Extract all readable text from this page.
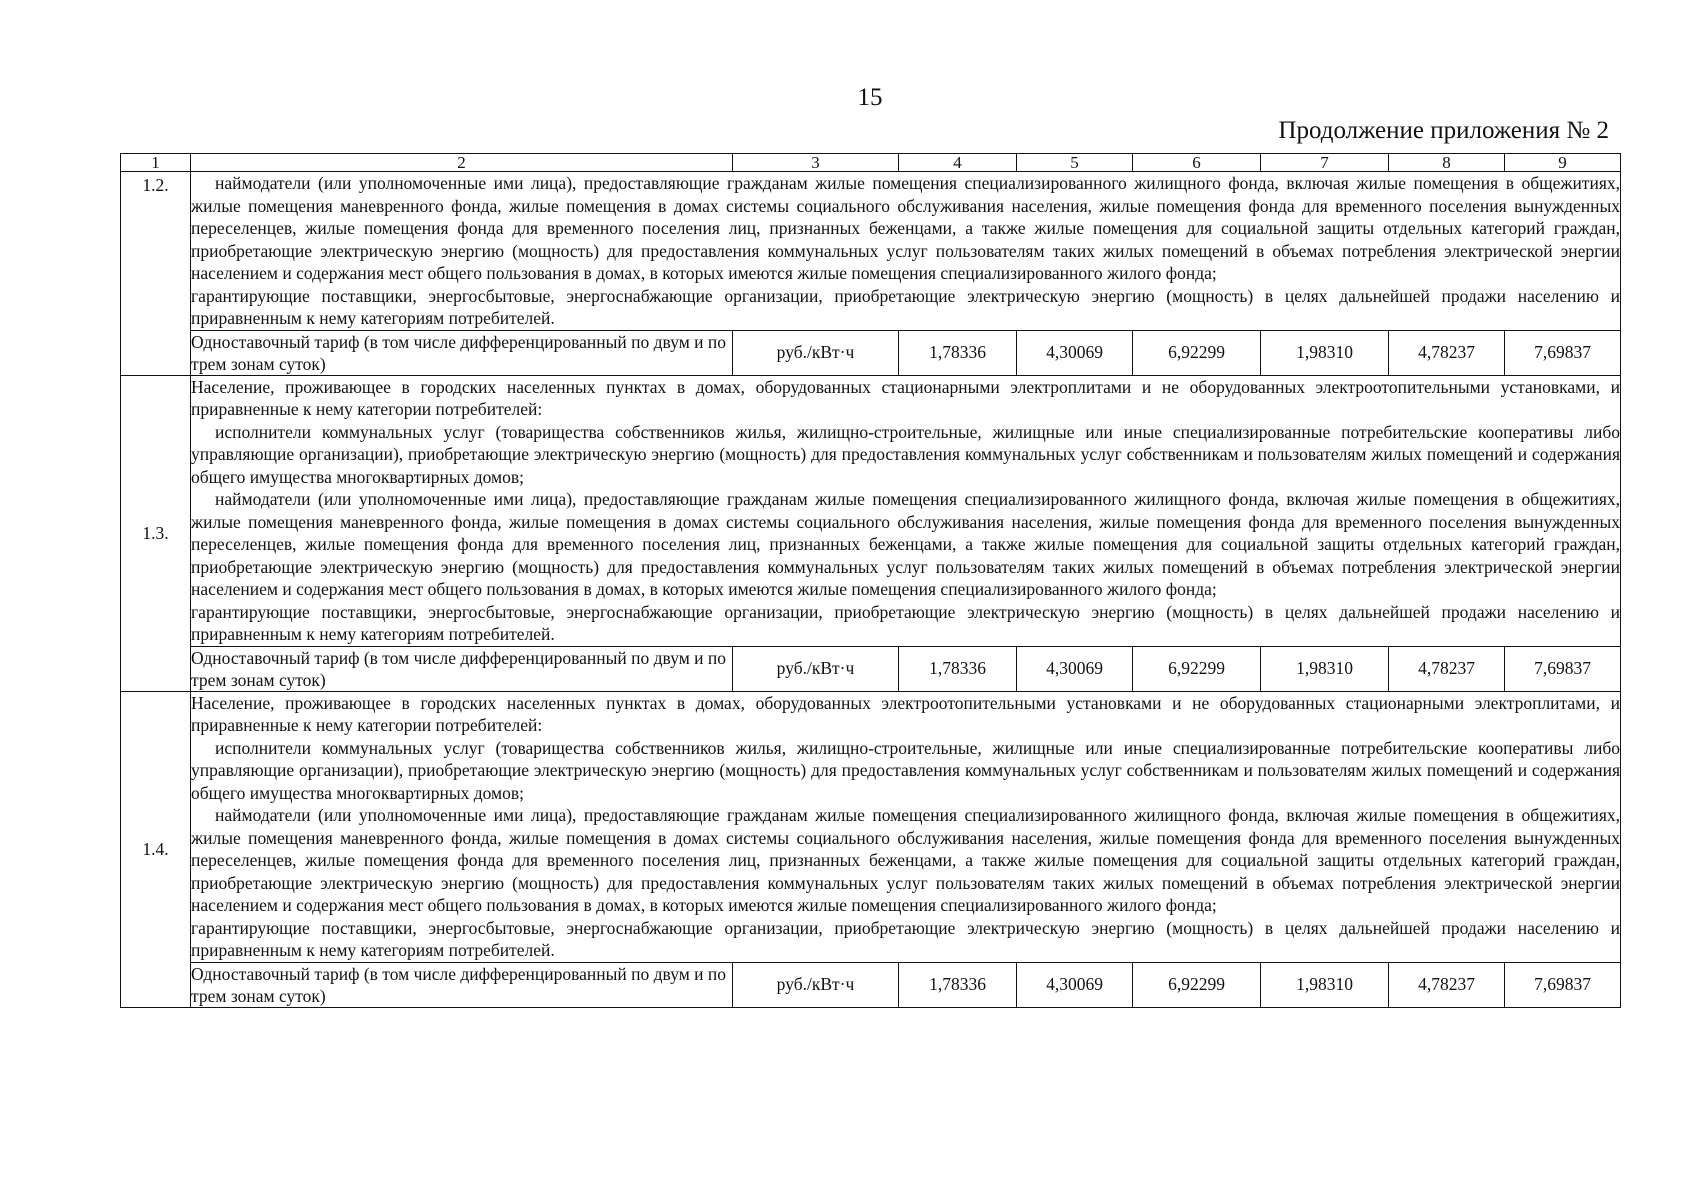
15
Продолжение приложения № 2
1	2	3	4	5	6	7	8	9
1.2.	наймодатели (или уполномоченные ими лица), предоставляющие гражданам жилые помещения специализированного жилищного фонда, включая жилые помещения в общежитиях, жилые помещения маневренного фонда, жилые помещения в домах системы социального обслуживания населения, жилые помещения фонда для временного поселения вынужденных переселенцев, жилые помещения фонда для временного поселения лиц, признанных беженцами, а также жилые помещения для социальной защиты отдельных категорий граждан, приобретающие электрическую энергию (мощность) для предоставления коммунальных услуг пользователям таких жилых помещений в объемах потребления электрической энергии населением и содержания мест общего пользования в домах, в которых имеются жилые помещения специализированного жилого фонда;

гарантирующие поставщики, энергосбытовые, энергоснабжающие организации, приобретающие электрическую энергию (мощность) в целях дальнейшей продажи населению и приравненным к нему категориям потребителей.							

	Одноставочный тариф (в том числе дифференцированный по двум и по трем зонам суток)	руб./кВт·ч	1,78336	4,30069	6,92299	1,98310	4,78237	7,69837
1.3.	Население, проживающее в городских населенных пунктах в домах, оборудованных стационарными электроплитами и не оборудованных электроотопительными установками, и приравненные к нему категории потребителей:

исполнители коммунальных услуг (товарищества собственников жилья, жилищно-строительные, жилищные или иные специализированные потребительские кооперативы либо управляющие организации), приобретающие электрическую энергию (мощность) для предоставления коммунальных услуг собственникам и пользователям жилых помещений и содержания общего имущества многоквартирных домов;

наймодатели (или уполномоченные ими лица), предоставляющие гражданам жилые помещения специализированного жилищного фонда, включая жилые помещения в общежитиях, жилые помещения маневренного фонда, жилые помещения в домах системы социального обслуживания населения, жилые помещения фонда для временного поселения вынужденных переселенцев, жилые помещения фонда для временного поселения лиц, признанных беженцами, а также жилые помещения для социальной защиты отдельных категорий граждан, приобретающие электрическую энергию (мощность) для предоставления коммунальных услуг пользователям таких жилых помещений в объемах потребления электрической энергии населением и содержания мест общего пользования в домах, в которых имеются жилые помещения специализированного жилого фонда;

гарантирующие поставщики, энергосбытовые, энергоснабжающие организации, приобретающие электрическую энергию (мощность) в целях дальнейшей продажи населению и приравненным к нему категориям потребителей.							

	Одноставочный тариф (в том числе дифференцированный по двум и по трем зонам суток)	руб./кВт·ч	1,78336	4,30069	6,92299	1,98310	4,78237	7,69837
1.4.	Население, проживающее в городских населенных пунктах в домах, оборудованных электроотопительными установками и не оборудованных стационарными электроплитами, и приравненные к нему категории потребителей:

исполнители коммунальных услуг (товарищества собственников жилья, жилищно-строительные, жилищные или иные специализированные потребительские кооперативы либо управляющие организации), приобретающие электрическую энергию (мощность) для предоставления коммунальных услуг собственникам и пользователям жилых помещений и содержания общего имущества многоквартирных домов;

наймодатели (или уполномоченные ими лица), предоставляющие гражданам жилые помещения специализированного жилищного фонда, включая жилые помещения в общежитиях, жилые помещения маневренного фонда, жилые помещения в домах системы социального обслуживания населения, жилые помещения фонда для временного поселения вынужденных переселенцев, жилые помещения фонда для временного поселения лиц, признанных беженцами, а также жилые помещения для социальной защиты отдельных категорий граждан, приобретающие электрическую энергию (мощность) для предоставления коммунальных услуг пользователям таких жилых помещений в объемах потребления электрической энергии населением и содержания мест общего пользования в домах, в которых имеются жилые помещения специализированного жилого фонда;

гарантирующие поставщики, энергосбытовые, энергоснабжающие организации, приобретающие электрическую энергию (мощность) в целях дальнейшей продажи населению и приравненным к нему категориям потребителей.							

	Одноставочный тариф (в том числе дифференцированный по двум и по трем зонам суток)	руб./кВт·ч	1,78336	4,30069	6,92299	1,98310	4,78237	7,69837
